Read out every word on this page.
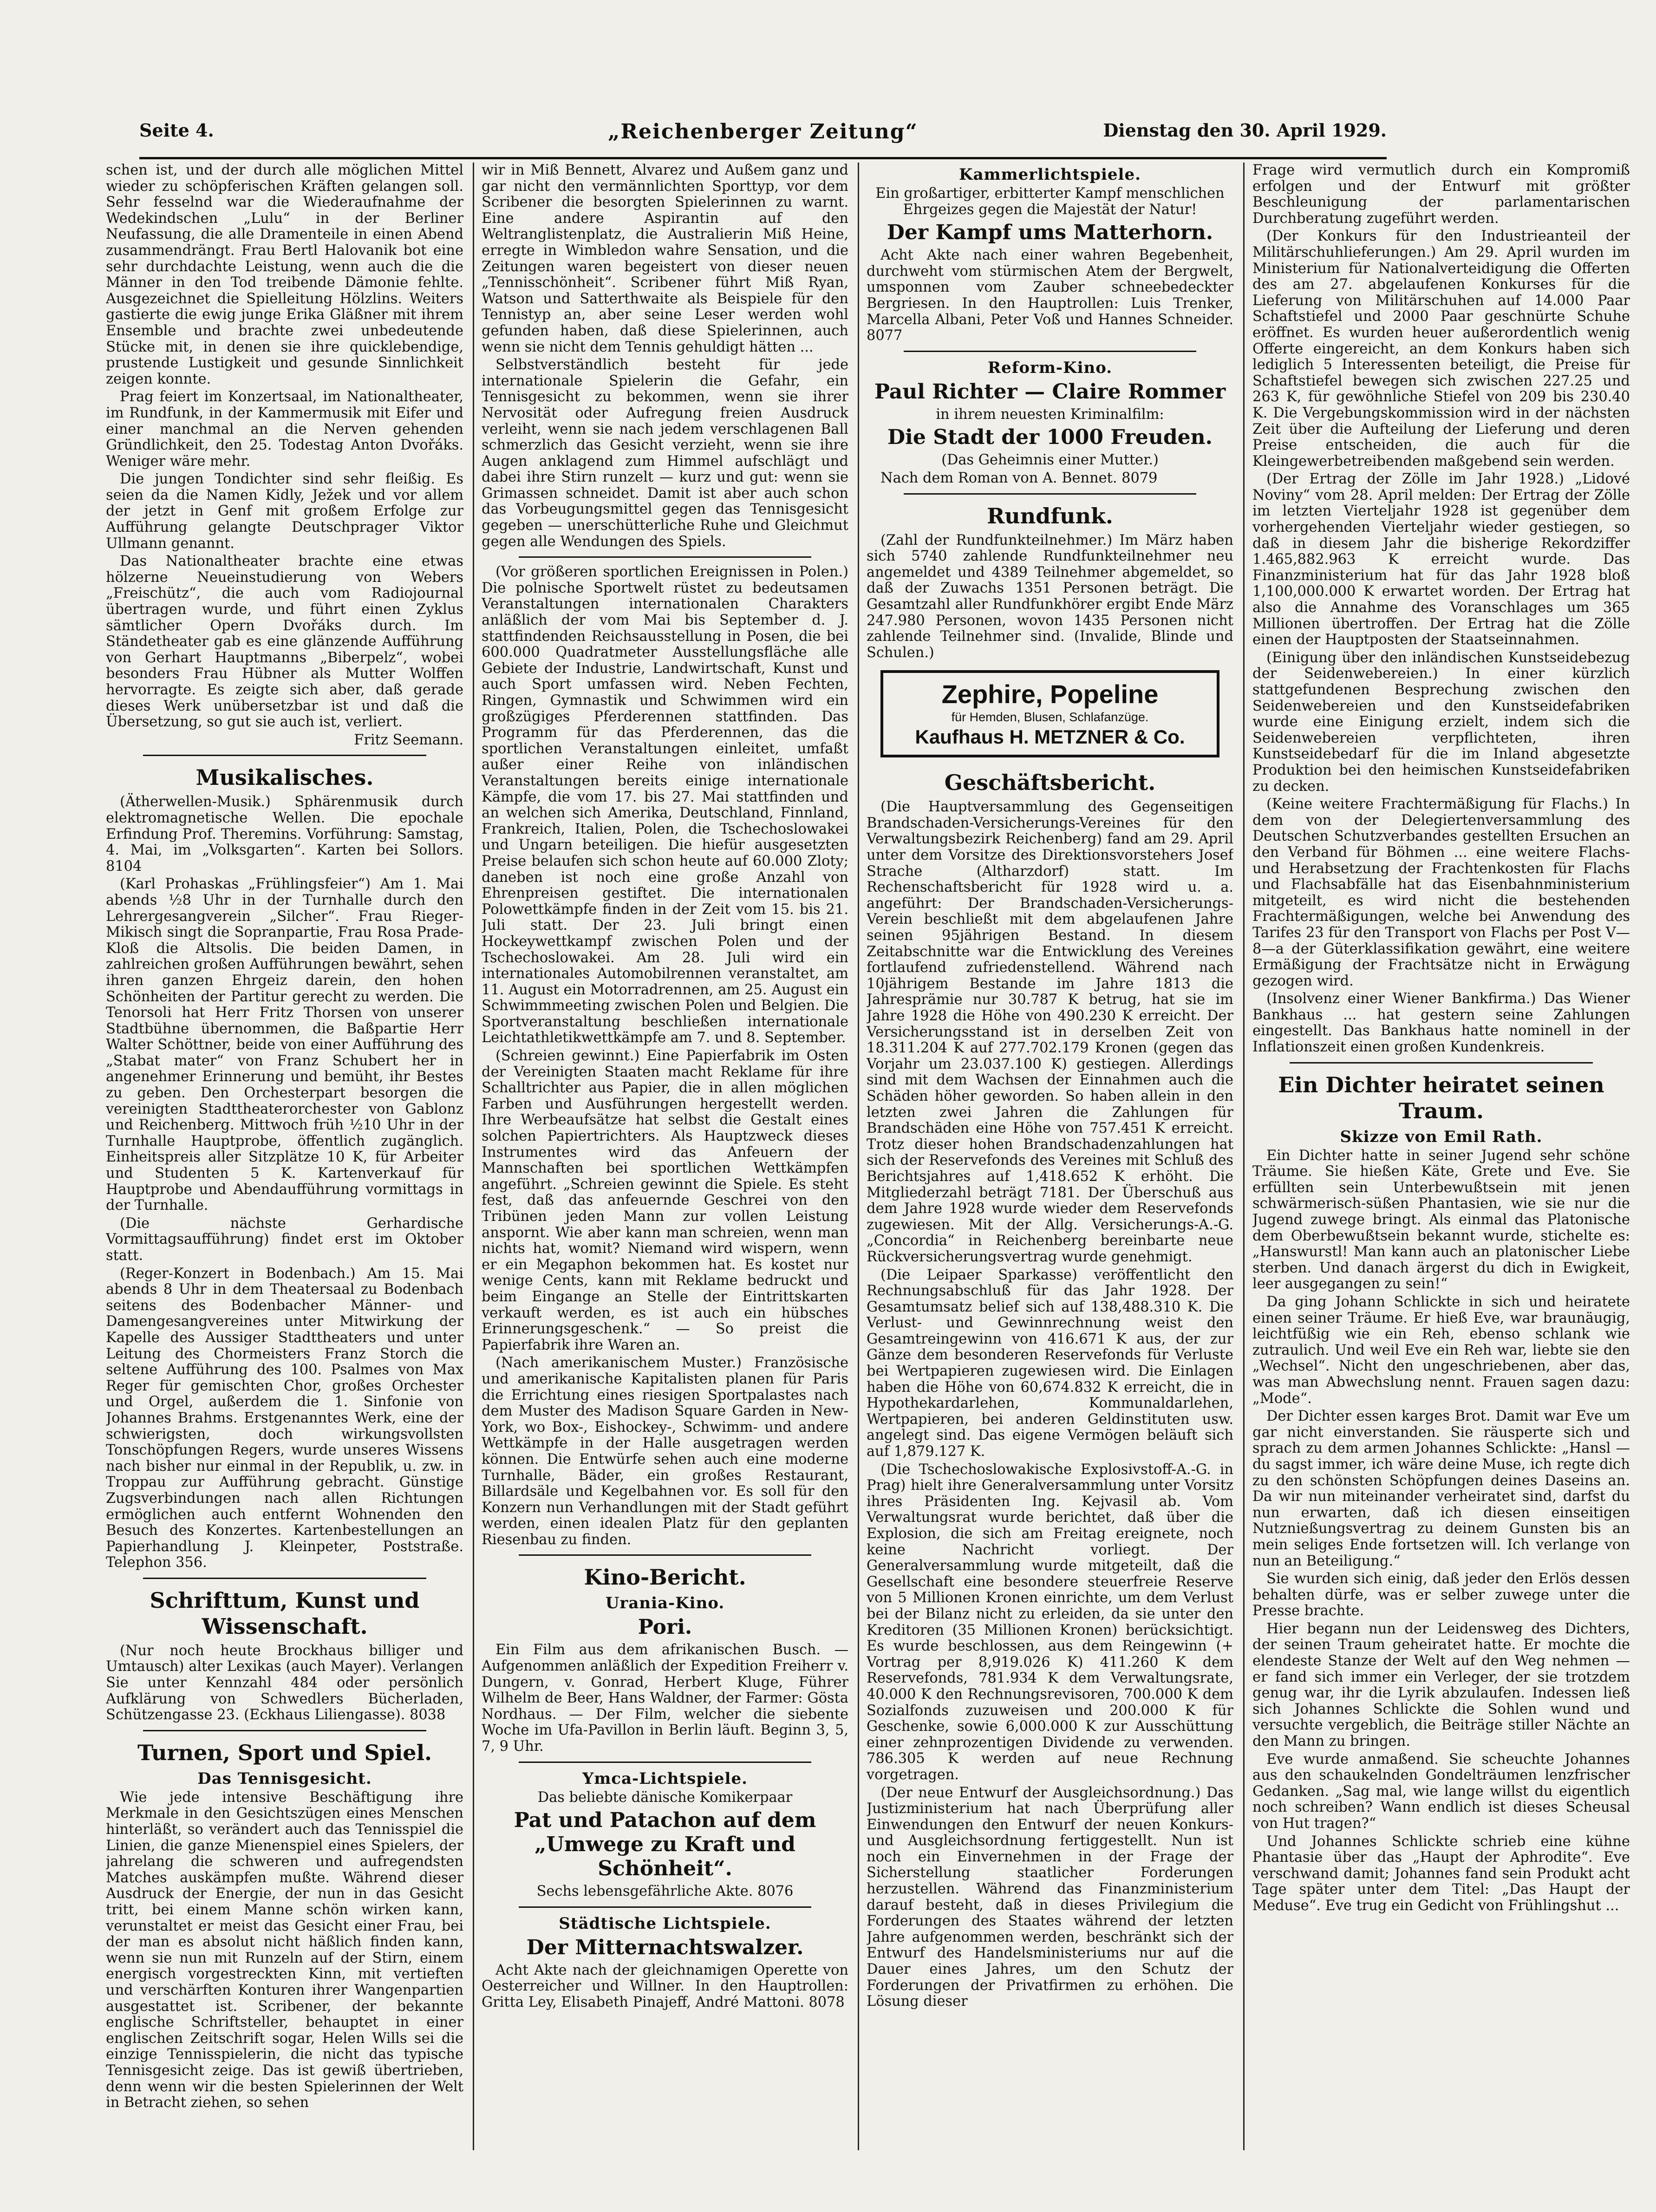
Seite 4.	„Reichenberger Zeitung“	Dienstag den 30. April 1929.

schen ist, und der durch alle möglichen Mittel wieder zu schöpferischen Kräften gelangen soll. Sehr fesselnd war die Wiederaufnahme der Wedekindschen „Lulu“ in der Berliner Neufassung, die alle Dramenteile in einen Abend zusammendrängt. Frau Bertl Halovanik bot eine sehr durchdachte Leistung, wenn auch die die Männer in den Tod treibende Dämonie fehlte. Ausgezeichnet die Spielleitung Hölzlins. Weiters gastierte die ewig junge Erika Gläßner mit ihrem Ensemble und brachte zwei unbedeutende Stücke mit, in denen sie ihre quicklebendige, prustende Lustigkeit und gesunde Sinnlichkeit zeigen konnte.

Prag feiert im Konzertsaal, im Nationaltheater, im Rundfunk, in der Kammermusik mit Eifer und einer manchmal an die Nerven gehenden Gründlichkeit, den 25. Todestag Anton Dvořáks. Weniger wäre mehr.

Die jungen Tondichter sind sehr fleißig. Es seien da die Namen Kidly, Ježek und vor allem der jetzt in Genf mit großem Erfolge zur Aufführung gelangte Deutschprager Viktor Ullmann genannt.

Das Nationaltheater brachte eine etwas hölzerne Neueinstudierung von Webers „Freischütz“, die auch vom Radiojournal übertragen wurde, und führt einen Zyklus sämtlicher Opern Dvořáks durch. Im Ständetheater gab es eine glänzende Aufführung von Gerhart Hauptmanns „Biberpelz“, wobei besonders Frau Hübner als Mutter Wolffen hervorragte. Es zeigte sich aber, daß gerade dieses Werk unübersetzbar ist und daß die Übersetzung, so gut sie auch ist, verliert.

Fritz Seemann.

Musikalisches.

(Ätherwellen-Musik.) Sphärenmusik durch elektromagnetische Wellen. Die epochale Erfindung Prof. Theremins. Vorführung: Samstag, 4. Mai, im „Volksgarten“. Karten bei Sollors. 8104

(Karl Prohaskas „Frühlingsfeier“) Am 1. Mai abends ½8 Uhr in der Turnhalle durch den Lehrergesangverein „Silcher“. Frau Rieger-Mikisch singt die Sopranpartie, Frau Rosa Prade-Kloß die Altsolis. Die beiden Damen, in zahlreichen großen Aufführungen bewährt, sehen ihren ganzen Ehrgeiz darein, den hohen Schönheiten der Partitur gerecht zu werden. Die Tenorsoli hat Herr Fritz Thorsen von unserer Stadtbühne übernommen, die Baßpartie Herr Walter Schöttner, beide von einer Aufführung des „Stabat mater“ von Franz Schubert her in angenehmer Erinnerung und bemüht, ihr Bestes zu geben. Den Orchesterpart besorgen die vereinigten Stadttheaterorchester von Gablonz und Reichenberg. Mittwoch früh ½10 Uhr in der Turnhalle Hauptprobe, öffentlich zugänglich. Einheitspreis aller Sitzplätze 10 K, für Arbeiter und Studenten 5 K. Kartenverkauf für Hauptprobe und Abendaufführung vormittags in der Turnhalle.

(Die nächste Gerhardische Vormittagsaufführung) findet erst im Oktober statt.

(Reger-Konzert in Bodenbach.) Am 15. Mai abends 8 Uhr in dem Theatersaal zu Bodenbach seitens des Bodenbacher Männer- und Damengesangvereines unter Mitwirkung der Kapelle des Aussiger Stadttheaters und unter Leitung des Chormeisters Franz Storch die seltene Aufführung des 100. Psalmes von Max Reger für gemischten Chor, großes Orchester und Orgel, außerdem die 1. Sinfonie von Johannes Brahms. Erstgenanntes Werk, eine der schwierigsten, doch wirkungsvollsten Tonschöpfungen Regers, wurde unseres Wissens nach bisher nur einmal in der Republik, u. zw. in Troppau zur Aufführung gebracht. Günstige Zugsverbindungen nach allen Richtungen ermöglichen auch entfernt Wohnenden den Besuch des Konzertes. Kartenbestellungen an Papierhandlung J. Kleinpeter, Poststraße. Telephon 356.

Schrifttum, Kunst und Wissenschaft.

(Nur noch heute Brockhaus billiger und Umtausch) alter Lexikas (auch Mayer). Verlangen Sie unter Kennzahl 484 oder persönlich Aufklärung von Schwedlers Bücherladen, Schützengasse 23. (Eckhaus Liliengasse). 8038

Turnen, Sport und Spiel.
Das Tennisgesicht.

Wie jede intensive Beschäftigung ihre Merkmale in den Gesichtszügen eines Menschen hinterläßt, so verändert auch das Tennisspiel die Linien, die ganze Mienenspiel eines Spielers, der jahrelang die schweren und aufregendsten Matches auskämpfen mußte. Während dieser Ausdruck der Energie, der nun in das Gesicht tritt, bei einem Manne schön wirken kann, verunstaltet er meist das Gesicht einer Frau, bei der man es absolut nicht häßlich finden kann, wenn sie nun mit Runzeln auf der Stirn, einem energisch vorgestreckten Kinn, mit vertieften und verschärften Konturen ihrer Wangenpartien ausgestattet ist. Scribener, der bekannte englische Schriftsteller, behauptet in einer englischen Zeitschrift sogar, Helen Wills sei die einzige Tennisspielerin, die nicht das typische Tennisgesicht zeige. Das ist gewiß übertrieben, denn wenn wir die besten Spielerinnen der Welt in Betracht ziehen, so sehen

wir in Miß Bennett, Alvarez und Außem ganz und gar nicht den vermännlichten Sporttyp, vor dem Scribener die besorgten Spielerinnen zu warnt. Eine andere Aspirantin auf den Weltranglistenplatz, die Australierin Miß Heine, erregte in Wimbledon wahre Sensation, und die Zeitungen waren begeistert von dieser neuen „Tennisschönheit“. Scribener führt Miß Ryan, Watson und Satterthwaite als Beispiele für den Tennistyp an, aber seine Leser werden wohl gefunden haben, daß diese Spielerinnen, auch wenn sie nicht dem Tennis gehuldigt hätten ...

Selbstverständlich besteht für jede internationale Spielerin die Gefahr, ein Tennisgesicht zu bekommen, wenn sie ihrer Nervosität oder Aufregung freien Ausdruck verleiht, wenn sie nach jedem verschlagenen Ball schmerzlich das Gesicht verzieht, wenn sie ihre Augen anklagend zum Himmel aufschlägt und dabei ihre Stirn runzelt — kurz und gut: wenn sie Grimassen schneidet. Damit ist aber auch schon das Vorbeugungsmittel gegen das Tennisgesicht gegeben — unerschütterliche Ruhe und Gleichmut gegen alle Wendungen des Spiels.

(Vor größeren sportlichen Ereignissen in Polen.) Die polnische Sportwelt rüstet zu bedeutsamen Veranstaltungen internationalen Charakters anläßlich der vom Mai bis September d. J. stattfindenden Reichsausstellung in Posen, die bei 600.000 Quadratmeter Ausstellungsfläche alle Gebiete der Industrie, Landwirtschaft, Kunst und auch Sport umfassen wird. Neben Fechten, Ringen, Gymnastik und Schwimmen wird ein großzügiges Pferderennen stattfinden. Das Programm für das Pferderennen, das die sportlichen Veranstaltungen einleitet, umfaßt außer einer Reihe von inländischen Veranstaltungen bereits einige internationale Kämpfe, die vom 17. bis 27. Mai stattfinden und an welchen sich Amerika, Deutschland, Finnland, Frankreich, Italien, Polen, die Tschechoslowakei und Ungarn beteiligen. Die hiefür ausgesetzten Preise belaufen sich schon heute auf 60.000 Zloty; daneben ist noch eine große Anzahl von Ehrenpreisen gestiftet. Die internationalen Polowettkämpfe finden in der Zeit vom 15. bis 21. Juli statt. Der 23. Juli bringt einen Hockeywettkampf zwischen Polen und der Tschechoslowakei. Am 28. Juli wird ein internationales Automobilrennen veranstaltet, am 11. August ein Motorradrennen, am 25. August ein Schwimmmeeting zwischen Polen und Belgien. Die Sportveranstaltung beschließen internationale Leichtathletikwettkämpfe am 7. und 8. September.

(Schreien gewinnt.) Eine Papierfabrik im Osten der Vereinigten Staaten macht Reklame für ihre Schalltrichter aus Papier, die in allen möglichen Farben und Ausführungen hergestellt werden. Ihre Werbeaufsätze hat selbst die Gestalt eines solchen Papiertrichters. Als Hauptzweck dieses Instrumentes wird das Anfeuern der Mannschaften bei sportlichen Wettkämpfen angeführt. „Schreien gewinnt die Spiele. Es steht fest, daß das anfeuernde Geschrei von den Tribünen jeden Mann zur vollen Leistung anspornt. Wie aber kann man schreien, wenn man nichts hat, womit? Niemand wird wispern, wenn er ein Megaphon bekommen hat. Es kostet nur wenige Cents, kann mit Reklame bedruckt und beim Eingange an Stelle der Eintrittskarten verkauft werden, es ist auch ein hübsches Erinnerungsgeschenk.“ — So preist die Papierfabrik ihre Waren an.

(Nach amerikanischem Muster.) Französische und amerikanische Kapitalisten planen für Paris die Errichtung eines riesigen Sportpalastes nach dem Muster des Madison Square Garden in New-York, wo Box-, Eishockey-, Schwimm- und andere Wettkämpfe in der Halle ausgetragen werden können. Die Entwürfe sehen auch eine moderne Turnhalle, Bäder, ein großes Restaurant, Billardsäle und Kegelbahnen vor. Es soll für den Konzern nun Verhandlungen mit der Stadt geführt werden, einen idealen Platz für den geplanten Riesenbau zu finden.

Kino-Bericht.
Urania-Kino.
Pori.

Ein Film aus dem afrikanischen Busch. — Aufgenommen anläßlich der Expedition Freiherr v. Dungern, v. Gonrad, Herbert Kluge, Führer Wilhelm de Beer, Hans Waldner, der Farmer: Gösta Nordhaus. — Der Film, welcher die siebente Woche im Ufa-Pavillon in Berlin läuft. Beginn 3, 5, 7, 9 Uhr.

Ymca-Lichtspiele.

Das beliebte dänische Komikerpaar

Pat und Patachon auf dem „Umwege zu Kraft und Schönheit“.

Sechs lebensgefährliche Akte. 8076

Städtische Lichtspiele.
Der Mitternachtswalzer.

Acht Akte nach der gleichnamigen Operette von Oesterreicher und Willner. In den Hauptrollen: Gritta Ley, Elisabeth Pinajeff, André Mattoni. 8078

Kammerlichtspiele.

Ein großartiger, erbitterter Kampf menschlichen Ehrgeizes gegen die Majestät der Natur!

Der Kampf ums Matterhorn.

Acht Akte nach einer wahren Begebenheit, durchweht vom stürmischen Atem der Bergwelt, umsponnen vom Zauber schneebedeckter Bergriesen. In den Hauptrollen: Luis Trenker, Marcella Albani, Peter Voß und Hannes Schneider. 8077

Reform-Kino.
Paul Richter — Claire Rommer

in ihrem neuesten Kriminalfilm:

Die Stadt der 1000 Freuden.

(Das Geheimnis einer Mutter.)

Nach dem Roman von A. Bennet. 8079

Rundfunk.

(Zahl der Rundfunkteilnehmer.) Im März haben sich 5740 zahlende Rundfunkteilnehmer neu angemeldet und 4389 Teilnehmer abgemeldet, so daß der Zuwachs 1351 Personen beträgt. Die Gesamtzahl aller Rundfunkhörer ergibt Ende März 247.980 Personen, wovon 1435 Personen nicht zahlende Teilnehmer sind. (Invalide, Blinde und Schulen.)

Zephire, Popeline
für Hemden, Blusen, Schlafanzüge.
Kaufhaus H. METZNER & Co.
Geschäftsbericht.

(Die Hauptversammlung des Gegenseitigen Brandschaden-Versicherungs-Vereines für den Verwaltungsbezirk Reichenberg) fand am 29. April unter dem Vorsitze des Direktionsvorstehers Josef Strache (Altharzdorf) statt. Im Rechenschaftsbericht für 1928 wird u. a. angeführt: Der Brandschaden-Versicherungs-Verein beschließt mit dem abgelaufenen Jahre seinen 95jährigen Bestand. In diesem Zeitabschnitte war die Entwicklung des Vereines fortlaufend zufriedenstellend. Während nach 10jährigem Bestande im Jahre 1813 die Jahresprämie nur 30.787 K betrug, hat sie im Jahre 1928 die Höhe von 490.230 K erreicht. Der Versicherungsstand ist in derselben Zeit von 18.311.204 K auf 277.702.179 Kronen (gegen das Vorjahr um 23.037.100 K) gestiegen. Allerdings sind mit dem Wachsen der Einnahmen auch die Schäden höher geworden. So haben allein in den letzten zwei Jahren die Zahlungen für Brandschäden eine Höhe von 757.451 K erreicht. Trotz dieser hohen Brandschadenzahlungen hat sich der Reservefonds des Vereines mit Schluß des Berichtsjahres auf 1,418.652 K erhöht. Die Mitgliederzahl beträgt 7181. Der Überschuß aus dem Jahre 1928 wurde wieder dem Reservefonds zugewiesen. Mit der Allg. Versicherungs-A.-G. „Concordia“ in Reichenberg bereinbarte neue Rückversicherungsvertrag wurde genehmigt.

(Die Leipaer Sparkasse) veröffentlicht den Rechnungsabschluß für das Jahr 1928. Der Gesamtumsatz belief sich auf 138,488.310 K. Die Verlust- und Gewinnrechnung weist den Gesamtreingewinn von 416.671 K aus, der zur Gänze dem besonderen Reservefonds für Verluste bei Wertpapieren zugewiesen wird. Die Einlagen haben die Höhe von 60,674.832 K erreicht, die in Hypothekardarlehen, Kommunaldarlehen, Wertpapieren, bei anderen Geldinstituten usw. angelegt sind. Das eigene Vermögen beläuft sich auf 1,879.127 K.

(Die Tschechoslowakische Explosivstoff-A.-G. in Prag) hielt ihre Generalversammlung unter Vorsitz ihres Präsidenten Ing. Kejvasil ab. Vom Verwaltungsrat wurde berichtet, daß über die Explosion, die sich am Freitag ereignete, noch keine Nachricht vorliegt. Der Generalversammlung wurde mitgeteilt, daß die Gesellschaft eine besondere steuerfreie Reserve von 5 Millionen Kronen einrichte, um dem Verlust bei der Bilanz nicht zu erleiden, da sie unter den Kreditoren (35 Millionen Kronen) berücksichtigt. Es wurde beschlossen, aus dem Reingewinn (+ Vortrag per 8,919.026 K) 411.260 K dem Reservefonds, 781.934 K dem Verwaltungsrate, 40.000 K den Rechnungsrevisoren, 700.000 K dem Sozialfonds zuzuweisen und 200.000 K für Geschenke, sowie 6,000.000 K zur Ausschüttung einer zehnprozentigen Dividende zu verwenden. 786.305 K werden auf neue Rechnung vorgetragen.

(Der neue Entwurf der Ausgleichsordnung.) Das Justizministerium hat nach Überprüfung aller Einwendungen den Entwurf der neuen Konkurs- und Ausgleichsordnung fertiggestellt. Nun ist noch ein Einvernehmen in der Frage der Sicherstellung staatlicher Forderungen herzustellen. Während das Finanzministerium darauf besteht, daß in dieses Privilegium die Forderungen des Staates während der letzten Jahre aufgenommen werden, beschränkt sich der Entwurf des Handelsministeriums nur auf die Dauer eines Jahres, um den Schutz der Forderungen der Privatfirmen zu erhöhen. Die Lösung dieser

Frage wird vermutlich durch ein Kompromiß erfolgen und der Entwurf mit größter Beschleunigung der parlamentarischen Durchberatung zugeführt werden.

(Der Konkurs für den Industrieanteil der Militärschuhlieferungen.) Am 29. April wurden im Ministerium für Nationalverteidigung die Offerten des am 27. abgelaufenen Konkurses für die Lieferung von Militärschuhen auf 14.000 Paar Schaftstiefel und 2000 Paar geschnürte Schuhe eröffnet. Es wurden heuer außerordentlich wenig Offerte eingereicht, an dem Konkurs haben sich lediglich 5 Interessenten beteiligt, die Preise für Schaftstiefel bewegen sich zwischen 227.25 und 263 K, für gewöhnliche Stiefel von 209 bis 230.40 K. Die Vergebungskommission wird in der nächsten Zeit über die Aufteilung der Lieferung und deren Preise entscheiden, die auch für die Kleingewerbetreibenden maßgebend sein werden.

(Der Ertrag der Zölle im Jahr 1928.) „Lidové Noviny“ vom 28. April melden: Der Ertrag der Zölle im letzten Vierteljahr 1928 ist gegenüber dem vorhergehenden Vierteljahr wieder gestiegen, so daß in diesem Jahr die bisherige Rekordziffer 1.465,882.963 K erreicht wurde. Das Finanzministerium hat für das Jahr 1928 bloß 1,100,000.000 K erwartet worden. Der Ertrag hat also die Annahme des Voranschlages um 365 Millionen übertroffen. Der Ertrag hat die Zölle einen der Hauptposten der Staatseinnahmen.

(Einigung über den inländischen Kunstseidebezug der Seidenwebereien.) In einer kürzlich stattgefundenen Besprechung zwischen den Seidenwebereien und den Kunstseidefabriken wurde eine Einigung erzielt, indem sich die Seidenwebereien verpflichteten, ihren Kunstseidebedarf für die im Inland abgesetzte Produktion bei den heimischen Kunstseidefabriken zu decken.

(Keine weitere Frachtermäßigung für Flachs.) In dem von der Delegiertenversammlung des Deutschen Schutzverbandes gestellten Ersuchen an den Verband für Böhmen ... eine weitere Flachs- und Herabsetzung der Frachtenkosten für Flachs und Flachsabfälle hat das Eisenbahnministerium mitgeteilt, es wird nicht die bestehenden Frachtermäßigungen, welche bei Anwendung des Tarifes 23 für den Transport von Flachs per Post V—8—a der Güterklassifikation gewährt, eine weitere Ermäßigung der Frachtsätze nicht in Erwägung gezogen wird.

(Insolvenz einer Wiener Bankfirma.) Das Wiener Bankhaus ... hat gestern seine Zahlungen eingestellt. Das Bankhaus hatte nominell in der Inflationszeit einen großen Kundenkreis.

Ein Dichter heiratet seinen Traum.
Skizze von Emil Rath.

Ein Dichter hatte in seiner Jugend sehr schöne Träume. Sie hießen Käte, Grete und Eve. Sie erfüllten sein Unterbewußtsein mit jenen schwärmerisch-süßen Phantasien, wie sie nur die Jugend zuwege bringt. Als einmal das Platonische dem Oberbewußtsein bekannt wurde, stichelte es: „Hanswurstl! Man kann auch an platonischer Liebe sterben. Und danach ärgerst du dich in Ewigkeit, leer ausgegangen zu sein!“

Da ging Johann Schlickte in sich und heiratete einen seiner Träume. Er hieß Eve, war braunäugig, leichtfüßig wie ein Reh, ebenso schlank wie zutraulich. Und weil Eve ein Reh war, liebte sie den „Wechsel“. Nicht den ungeschriebenen, aber das, was man Abwechslung nennt. Frauen sagen dazu: „Mode“.

Der Dichter essen karges Brot. Damit war Eve um gar nicht einverstanden. Sie räusperte sich und sprach zu dem armen Johannes Schlickte: „Hansl — du sagst immer, ich wäre deine Muse, ich regte dich zu den schönsten Schöpfungen deines Daseins an. Da wir nun miteinander verheiratet sind, darfst du nun erwarten, daß ich diesen einseitigen Nutznießungsvertrag zu deinem Gunsten bis an mein seliges Ende fortsetzen will. Ich verlange von nun an Beteiligung.“

Sie wurden sich einig, daß jeder den Erlös dessen behalten dürfe, was er selber zuwege unter die Presse brachte.

Hier begann nun der Leidensweg des Dichters, der seinen Traum geheiratet hatte. Er mochte die elendeste Stanze der Welt auf den Weg nehmen — er fand sich immer ein Verleger, der sie trotzdem genug war, ihr die Lyrik abzulaufen. Indessen ließ sich Johannes Schlickte die Sohlen wund und versuchte vergeblich, die Beiträge stiller Nächte an den Mann zu bringen.

Eve wurde anmaßend. Sie scheuchte Johannes aus den schaukelnden Gondelträumen lenzfrischer Gedanken. „Sag mal, wie lange willst du eigentlich noch schreiben? Wann endlich ist dieses Scheusal von Hut tragen?“

Und Johannes Schlickte schrieb eine kühne Phantasie über das „Haupt der Aphrodite“. Eve verschwand damit; Johannes fand sein Produkt acht Tage später unter dem Titel: „Das Haupt der Meduse“. Eve trug ein Gedicht von Frühlingshut ...
